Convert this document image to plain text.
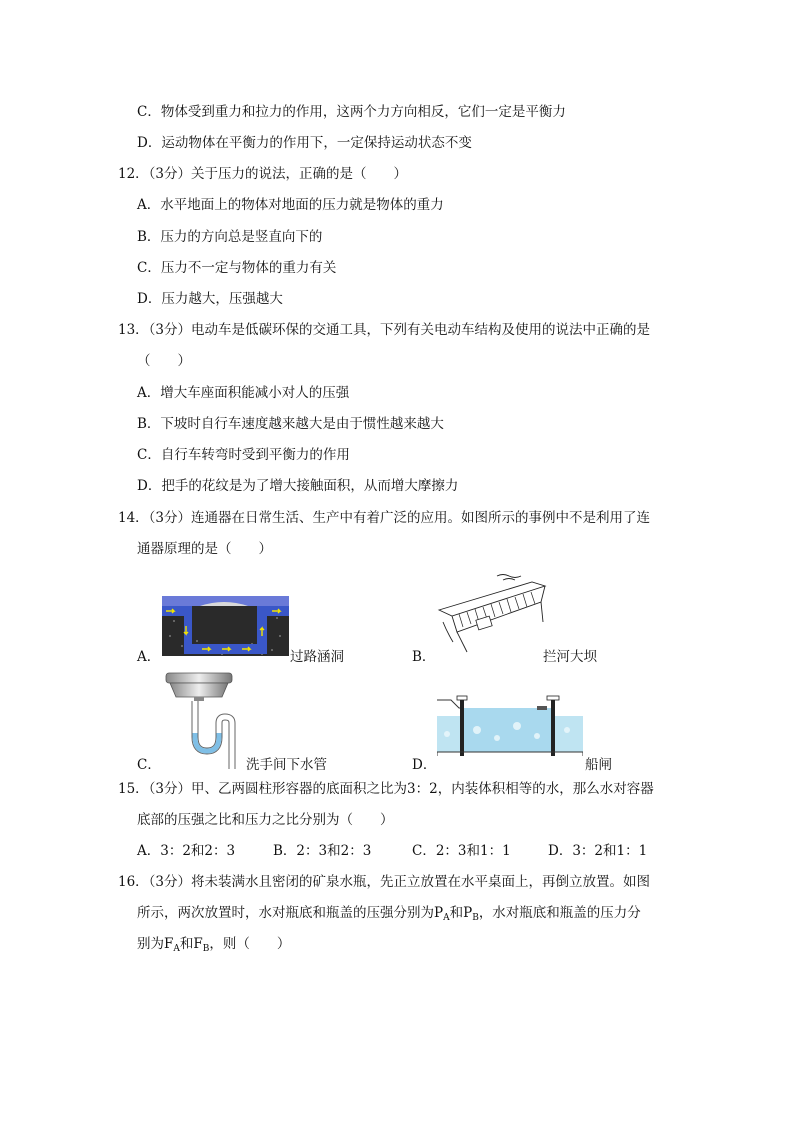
C．物体受到重力和拉力的作用，这两个力方向相反，它们一定是平衡力
D．运动物体在平衡力的作用下，一定保持运动状态不变
12．（3分）关于压力的说法，正确的是（　　）
A．水平地面上的物体对地面的压力就是物体的重力
B．压力的方向总是竖直向下的
C．压力不一定与物体的重力有关
D．压力越大，压强越大
13．（3分）电动车是低碳环保的交通工具，下列有关电动车结构及使用的说法中正确的是
（　　）
A．增大车座面积能减小对人的压强
B．下坡时自行车速度越来越大是由于惯性越来越大
C．自行车转弯时受到平衡力的作用
D．把手的花纹是为了增大接触面积，从而增大摩擦力
14．（3分）连通器在日常生活、生产中有着广泛的应用。如图所示的事例中不是利用了连
通器原理的是（　　）
A．	过路涵洞	B．	拦河大坝
C．	洗手间下水管	D．	船闸
15．（3分）甲、乙两圆柱形容器的底面积之比为3：2，内装体积相等的水，那么水对容器
底部的压强之比和压力之比分别为（　　）
A．3：2和2：3	B．2：3和2：3	C．2：3和1：1	D．3：2和1：1
16．（3分）将未装满水且密闭的矿泉水瓶，先正立放置在水平桌面上，再倒立放置。如图
所示，两次放置时，水对瓶底和瓶盖的压强分别为$P_A$和$P_B$，水对瓶底和瓶盖的压力分
别为$F_A$和$F_B$，则（　　）
